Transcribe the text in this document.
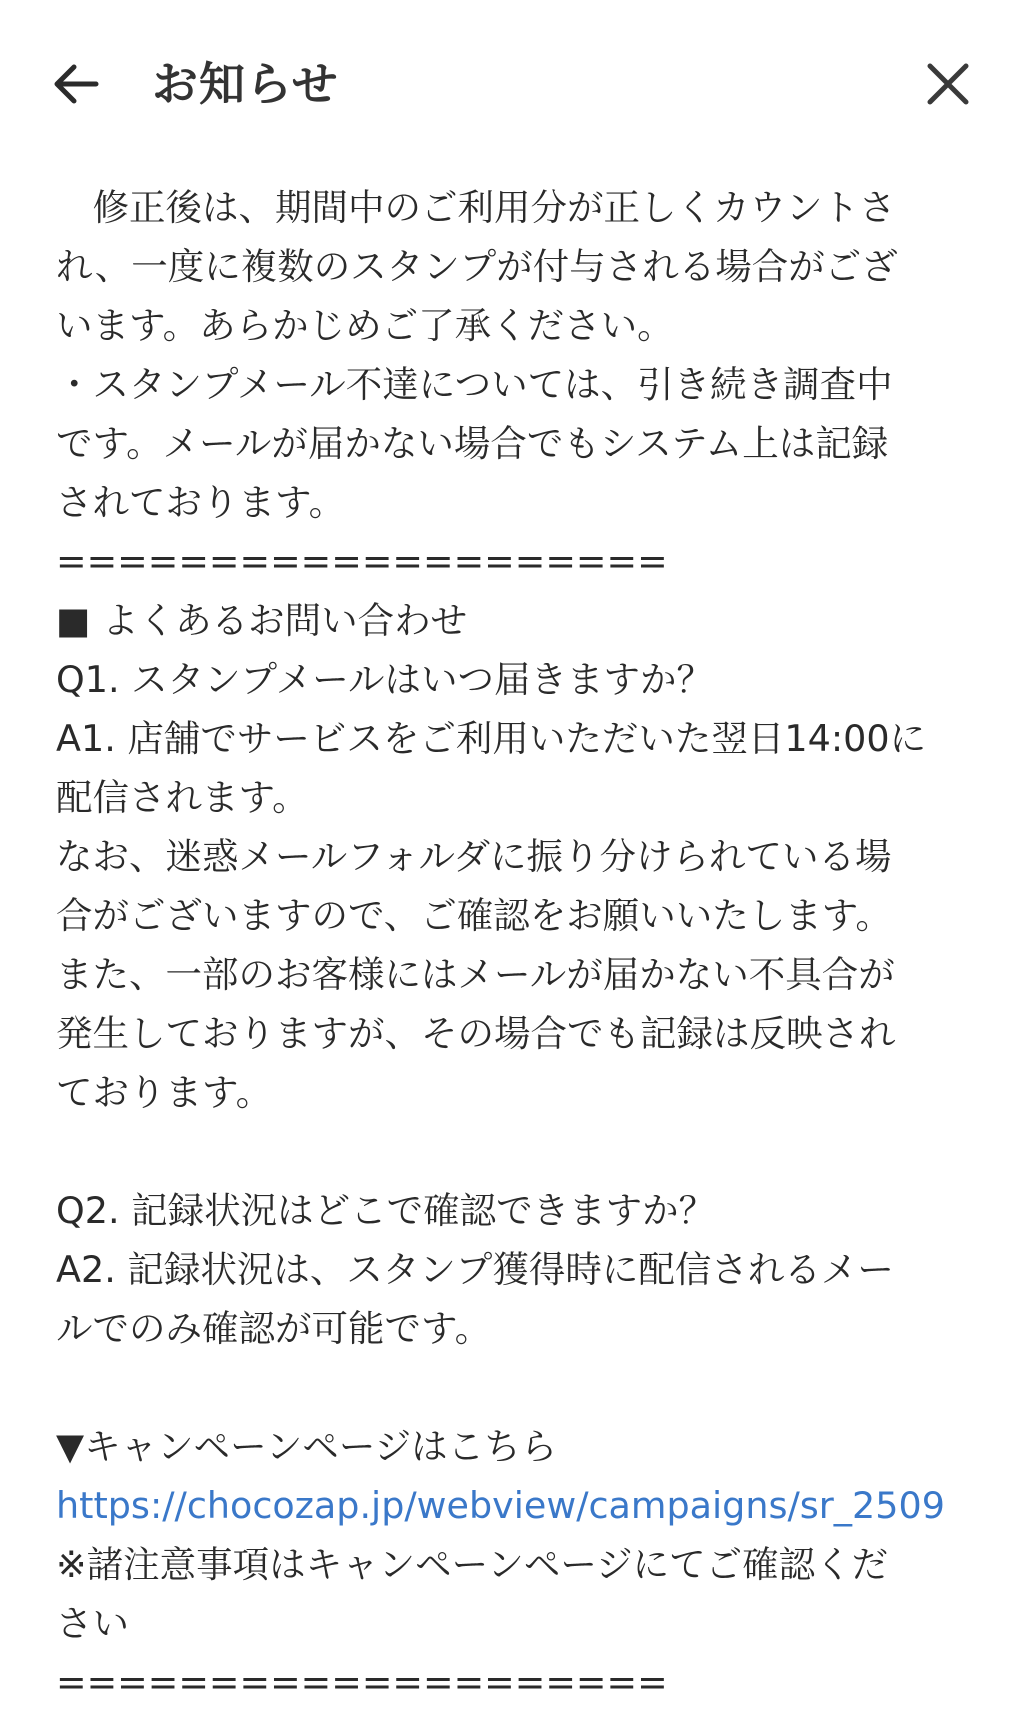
お知らせ
　修正後は、期間中のご利用分が正しくカウントさ
れ、一度に複数のスタンプが付与される場合がござ
います。あらかじめご了承ください。
・スタンプメール不達については、引き続き調査中
です。メールが届かない場合でもシステム上は記録
されております。
====================
■ よくあるお問い合わせ
Q1. スタンプメールはいつ届きますか？
A1. 店舗でサービスをご利用いただいた翌日14:00に
配信されます。
なお、迷惑メールフォルダに振り分けられている場
合がございますので、ご確認をお願いいたします。
また、一部のお客様にはメールが届かない不具合が
発生しておりますが、その場合でも記録は反映され
ております。
Q2. 記録状況はどこで確認できますか？
A2. 記録状況は、スタンプ獲得時に配信されるメー
ルでのみ確認が可能です。
▼キャンペーンページはこちら
https://chocozap.jp/webview/campaigns/sr_2509
※諸注意事項はキャンペーンページにてご確認くだ
さい
====================
